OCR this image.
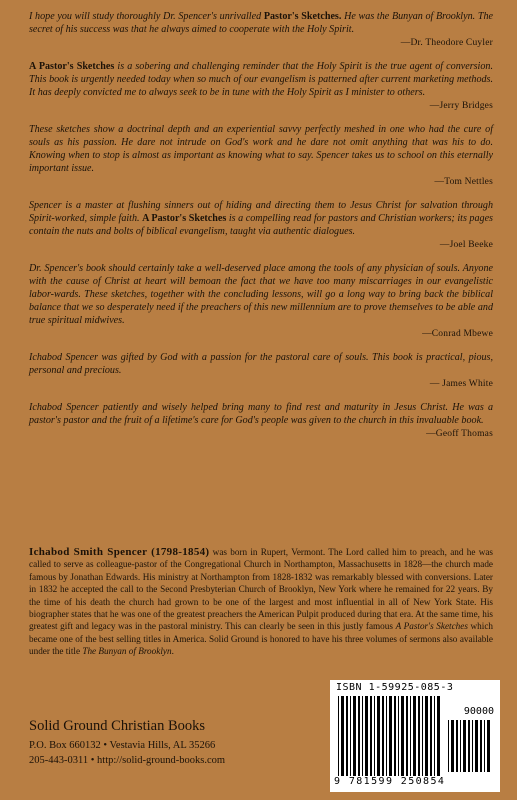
I hope you will study thoroughly Dr. Spencer's unrivalled Pastor's Sketches. He was the Bunyan of Brooklyn. The secret of his success was that he always aimed to cooperate with the Holy Spirit.
—Dr. Theodore Cuyler

A Pastor's Sketches is a sobering and challenging reminder that the Holy Spirit is the true agent of conversion. This book is urgently needed today when so much of our evangelism is patterned after current marketing methods. It has deeply convicted me to always seek to be in tune with the Holy Spirit as I minister to others.
—Jerry Bridges

These sketches show a doctrinal depth and an experiential savvy perfectly meshed in one who had the cure of souls as his passion. He dare not intrude on God's work and he dare not omit anything that was his to do. Knowing when to stop is almost as important as knowing what to say. Spencer takes us to school on this eternally important issue.
—Tom Nettles

Spencer is a master at flushing sinners out of hiding and directing them to Jesus Christ for salvation through Spirit-worked, simple faith. A Pastor's Sketches is a compelling read for pastors and Christian workers; its pages contain the nuts and bolts of biblical evangelism, taught via authentic dialogues.
—Joel Beeke

Dr. Spencer's book should certainly take a well-deserved place among the tools of any physician of souls. Anyone with the cause of Christ at heart will bemoan the fact that we have too many miscarriages in our evangelistic labor-wards. These sketches, together with the concluding lessons, will go a long way to bring back the biblical balance that we so desperately need if the preachers of this new millennium are to prove themselves to be able and true spiritual midwives.
—Conrad Mbewe

Ichabod Spencer was gifted by God with a passion for the pastoral care of souls. This book is practical, pious, personal and precious.
— James White

Ichabod Spencer patiently and wisely helped bring many to find rest and maturity in Jesus Christ. He was a pastor's pastor and the fruit of a lifetime's care for God's people was given to the church in this invaluable book.
—Geoff Thomas

Ichabod Smith Spencer (1798-1854) was born in Rupert, Vermont. The Lord called him to preach, and he was called to serve as colleague-pastor of the Congregational Church in Northampton, Massachusetts in 1828—the church made famous by Jonathan Edwards. His ministry at Northampton from 1828-1832 was remarkably blessed with conversions. Later in 1832 he accepted the call to the Second Presbyterian Church of Brooklyn, New York where he remained for 22 years. By the time of his death the church had grown to be one of the largest and most influential in all of New York State. His biographer states that he was one of the greatest preachers the American Pulpit produced during that era. At the same time, his greatest gift and legacy was in the pastoral ministry. This can clearly be seen in this justly famous A Pastor's Sketches which became one of the best selling titles in America. Solid Ground is honored to have his three volumes of sermons also available under the title The Bunyan of Brooklyn.
Solid Ground Christian Books
P.O. Box 660132 • Vestavia Hills, AL 35266
205-443-0311 • http://solid-ground-books.com
ISBN 1-59925-085-3
90000
9 781599 250854
